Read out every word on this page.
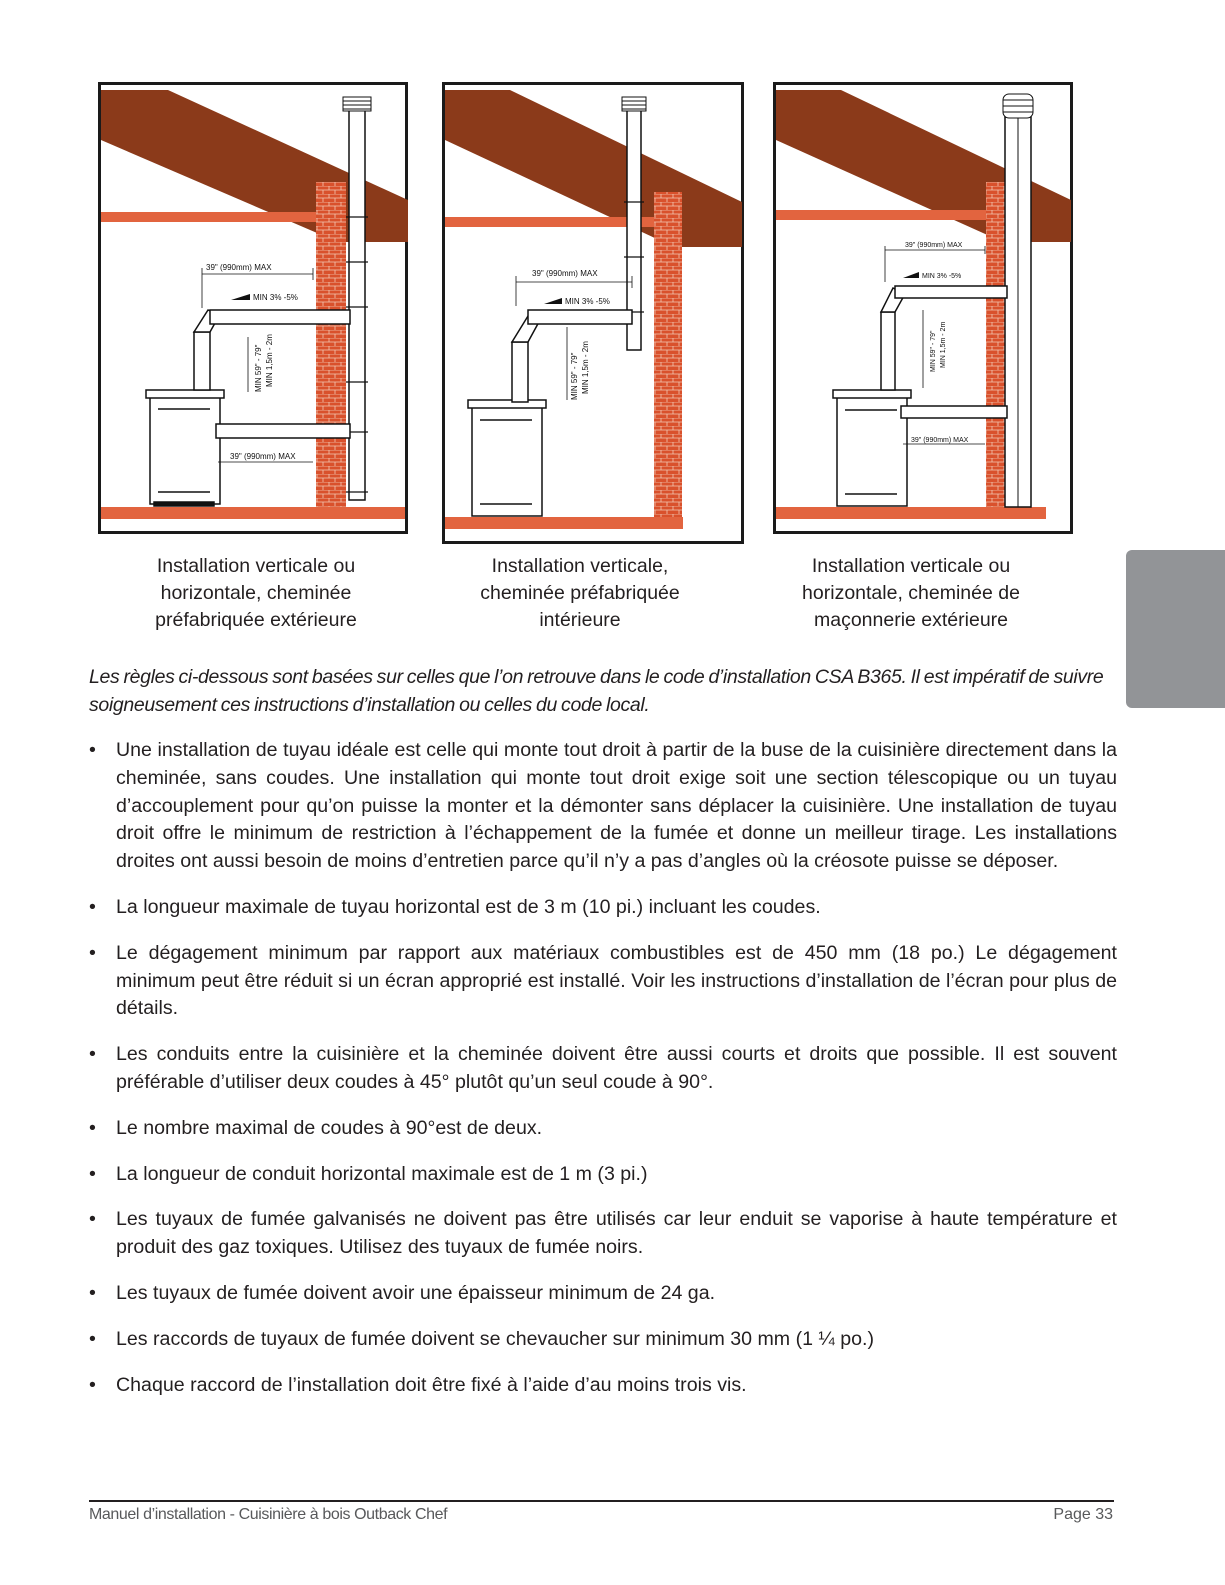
39" (990mm) MAX
MIN 3% -5%
MIN 59" - 79" MIN 1,5m - 2m
39" (990mm) MAX
Installation verticale ou
horizontale, cheminée
préfabriquée extérieure
39" (990mm) MAX
MIN 3% -5%
MIN 59" - 79" MIN 1,5m - 2m
Installation verticale,
cheminée préfabriquée
intérieure
39" (990mm) MAX
MIN 3% -5%
MIN 59" - 79" MIN 1,5m - 2m
39" (990mm) MAX
Installation verticale ou
horizontale, cheminée de
maçonnerie extérieure

Les règles ci-dessous sont basées sur celles que l’on retrouve dans le code d’installation CSA B365. Il est impératif de suivre soigneusement ces instructions d’installation ou celles du code local.

• Une installation de tuyau idéale est celle qui monte tout droit à partir de la buse de la cuisinière directement dans la cheminée, sans coudes. Une installation qui monte tout droit exige soit une section télescopique ou un tuyau d’accouplement pour qu’on puisse la monter et la démonter sans déplacer la cuisinière. Une installation de tuyau droit offre le minimum de restriction à l’échappement de la fumée et donne un meilleur tirage. Les installations droites ont aussi besoin de moins d’entretien parce qu’il n’y a pas d’angles où la créosote puisse se déposer.
• La longueur maximale de tuyau horizontal est de 3 m (10 pi.) incluant les coudes.
• Le dégagement minimum par rapport aux matériaux combustibles est de 450 mm (18 po.) Le dégagement minimum peut être réduit si un écran approprié est installé. Voir les instructions d’installation de l’écran pour plus de détails.
• Les conduits entre la cuisinière et la cheminée doivent être aussi courts et droits que possible. Il est souvent préférable d’utiliser deux coudes à 45° plutôt qu’un seul coude à 90°.
• Le nombre maximal de coudes à 90°est de deux.
• La longueur de conduit horizontal maximale est de 1 m (3 pi.)
• Les tuyaux de fumée galvanisés ne doivent pas être utilisés car leur enduit se vaporise à haute température et produit des gaz toxiques. Utilisez des tuyaux de fumée noirs.
• Les tuyaux de fumée doivent avoir une épaisseur minimum de 24 ga.
• Les raccords de tuyaux de fumée doivent se chevaucher sur minimum 30 mm (1 ¼ po.)
• Chaque raccord de l’installation doit être fixé à l’aide d’au moins trois vis.
Manuel d’installation - Cuisinière à bois Outback Chef	Page 33
